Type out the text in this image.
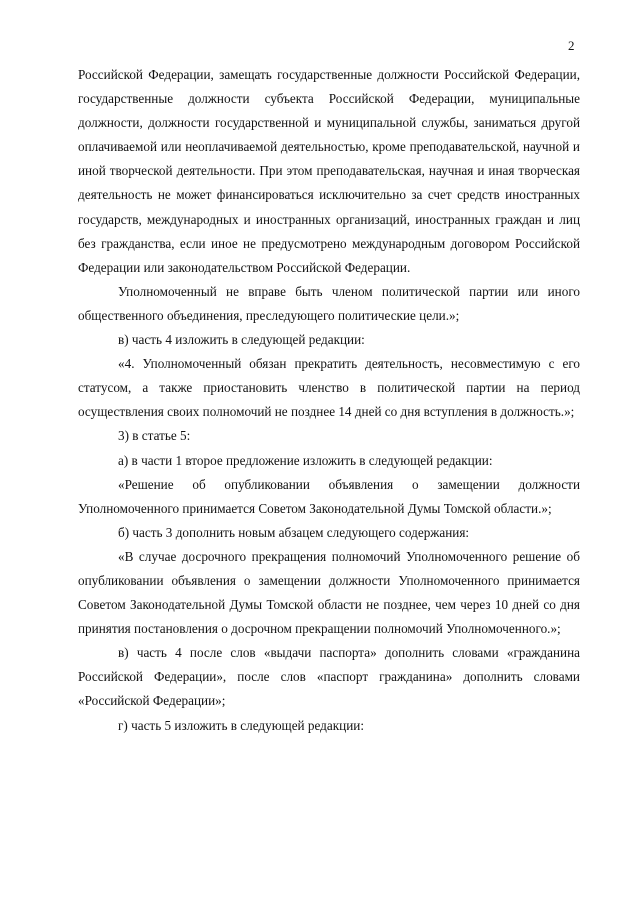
2

Российской Федерации, замещать государственные должности Российской Федерации, государственные должности субъекта Российской Федерации, муниципальные должности, должности государственной и муниципальной службы, заниматься другой оплачиваемой или неоплачиваемой деятельностью, кроме преподавательской, научной и иной творческой деятельности. При этом преподавательская, научная и иная творческая деятельность не может финансироваться исключительно за счет средств иностранных государств, международных и иностранных организаций, иностранных граждан и лиц без гражданства, если иное не предусмотрено международным договором Российской Федерации или законодательством Российской Федерации.

Уполномоченный не вправе быть членом политической партии или иного общественного объединения, преследующего политические цели.»;

в) часть 4 изложить в следующей редакции:

«4. Уполномоченный обязан прекратить деятельность, несовместимую с его статусом, а также приостановить членство в политической партии на период осуществления своих полномочий не позднее 14 дней со дня вступления в должность.»;

3) в статье 5:

а) в части 1 второе предложение изложить в следующей редакции:

«Решение об опубликовании объявления о замещении должности Уполномоченного принимается Советом Законодательной Думы Томской области.»;

б) часть 3 дополнить новым абзацем следующего содержания:

«В случае досрочного прекращения полномочий Уполномоченного решение об опубликовании объявления о замещении должности Уполномоченного принимается Советом Законодательной Думы Томской области не позднее, чем через 10 дней со дня принятия постановления о досрочном прекращении полномочий Уполномоченного.»;

в) часть 4 после слов «выдачи паспорта» дополнить словами «гражданина Российской Федерации», после слов «паспорт гражданина» дополнить словами «Российской Федерации»;

г) часть 5 изложить в следующей редакции:
